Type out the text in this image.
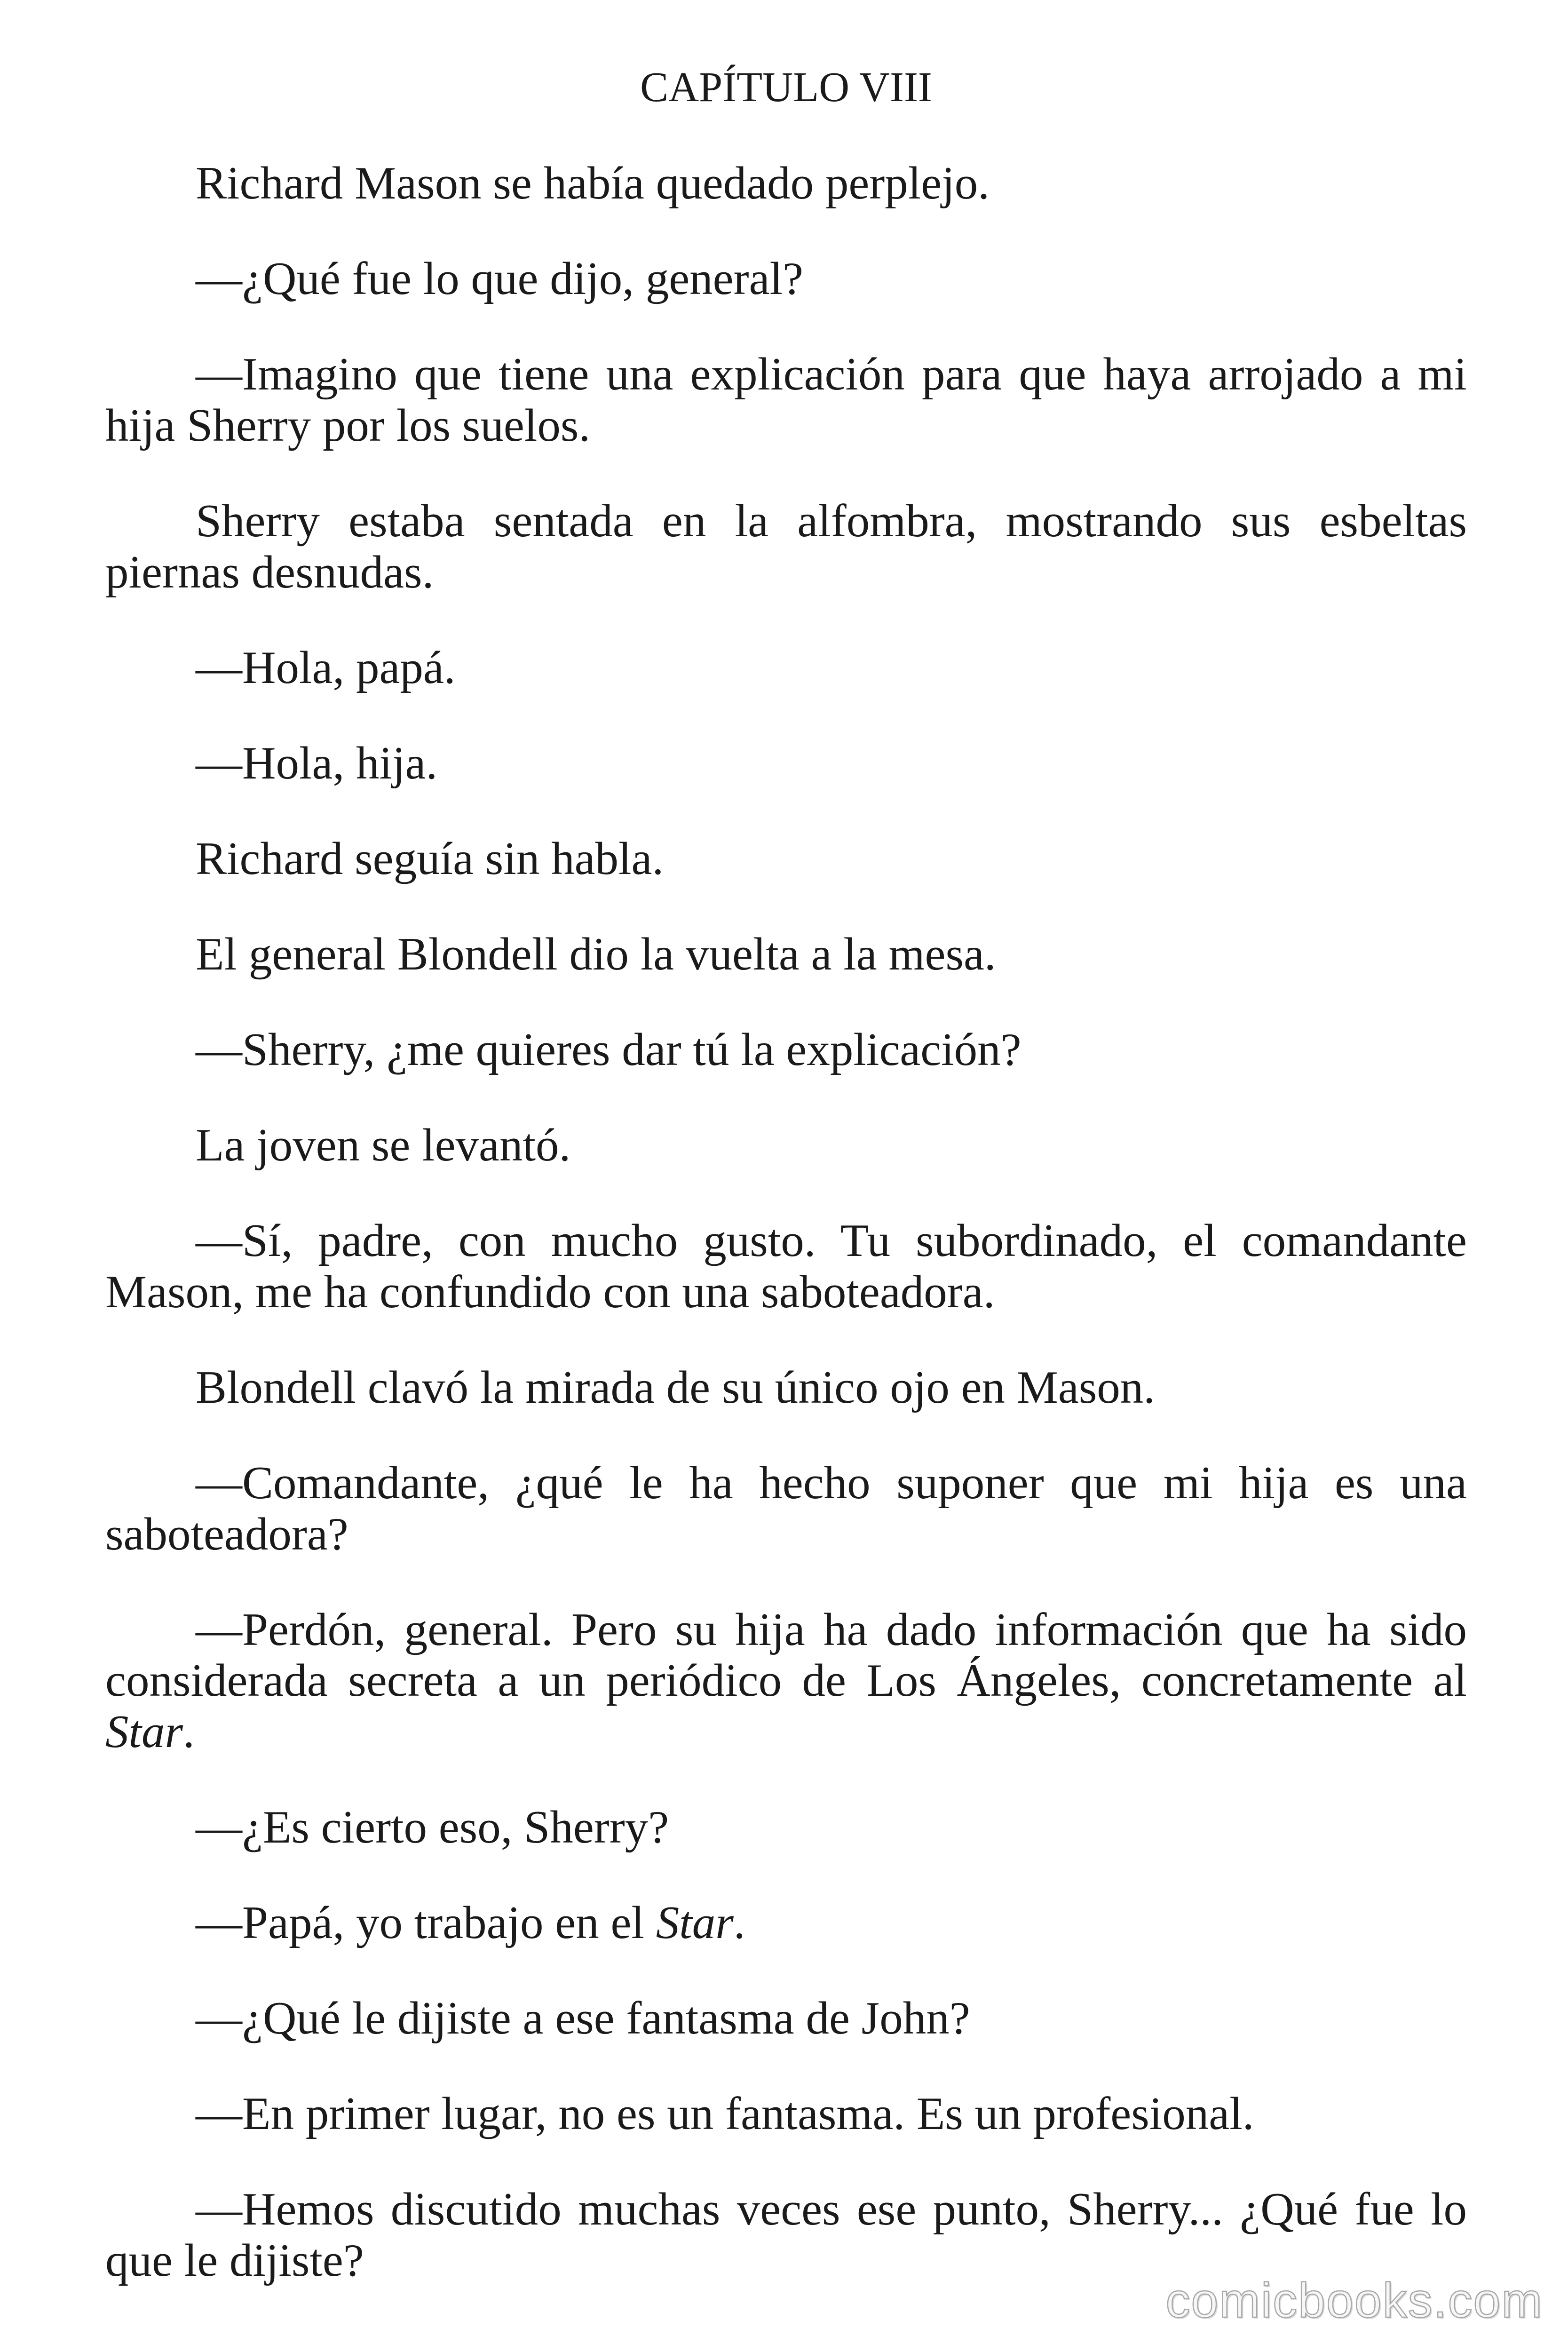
CAPÍTULO VIII
Richard Mason se había quedado perplejo.
—¿Qué fue lo que dijo, general?
—Imagino que tiene una explicación para que haya arrojado a mi
hija Sherry por los suelos.
Sherry estaba sentada en la alfombra, mostrando sus esbeltas
piernas desnudas.
—Hola, papá.
—Hola, hija.
Richard seguía sin habla.
El general Blondell dio la vuelta a la mesa.
—Sherry, ¿me quieres dar tú la explicación?
La joven se levantó.
—Sí, padre, con mucho gusto. Tu subordinado, el comandante
Mason, me ha confundido con una saboteadora.
Blondell clavó la mirada de su único ojo en Mason.
—Comandante, ¿qué le ha hecho suponer que mi hija es una
saboteadora?
—Perdón, general. Pero su hija ha dado información que ha sido
considerada secreta a un periódico de Los Ángeles, concretamente al
Star.
—¿Es cierto eso, Sherry?
—Papá, yo trabajo en el Star.
—¿Qué le dijiste a ese fantasma de John?
—En primer lugar, no es un fantasma. Es un profesional.
—Hemos discutido muchas veces ese punto, Sherry... ¿Qué fue lo
que le dijiste?
comicbooks.com
